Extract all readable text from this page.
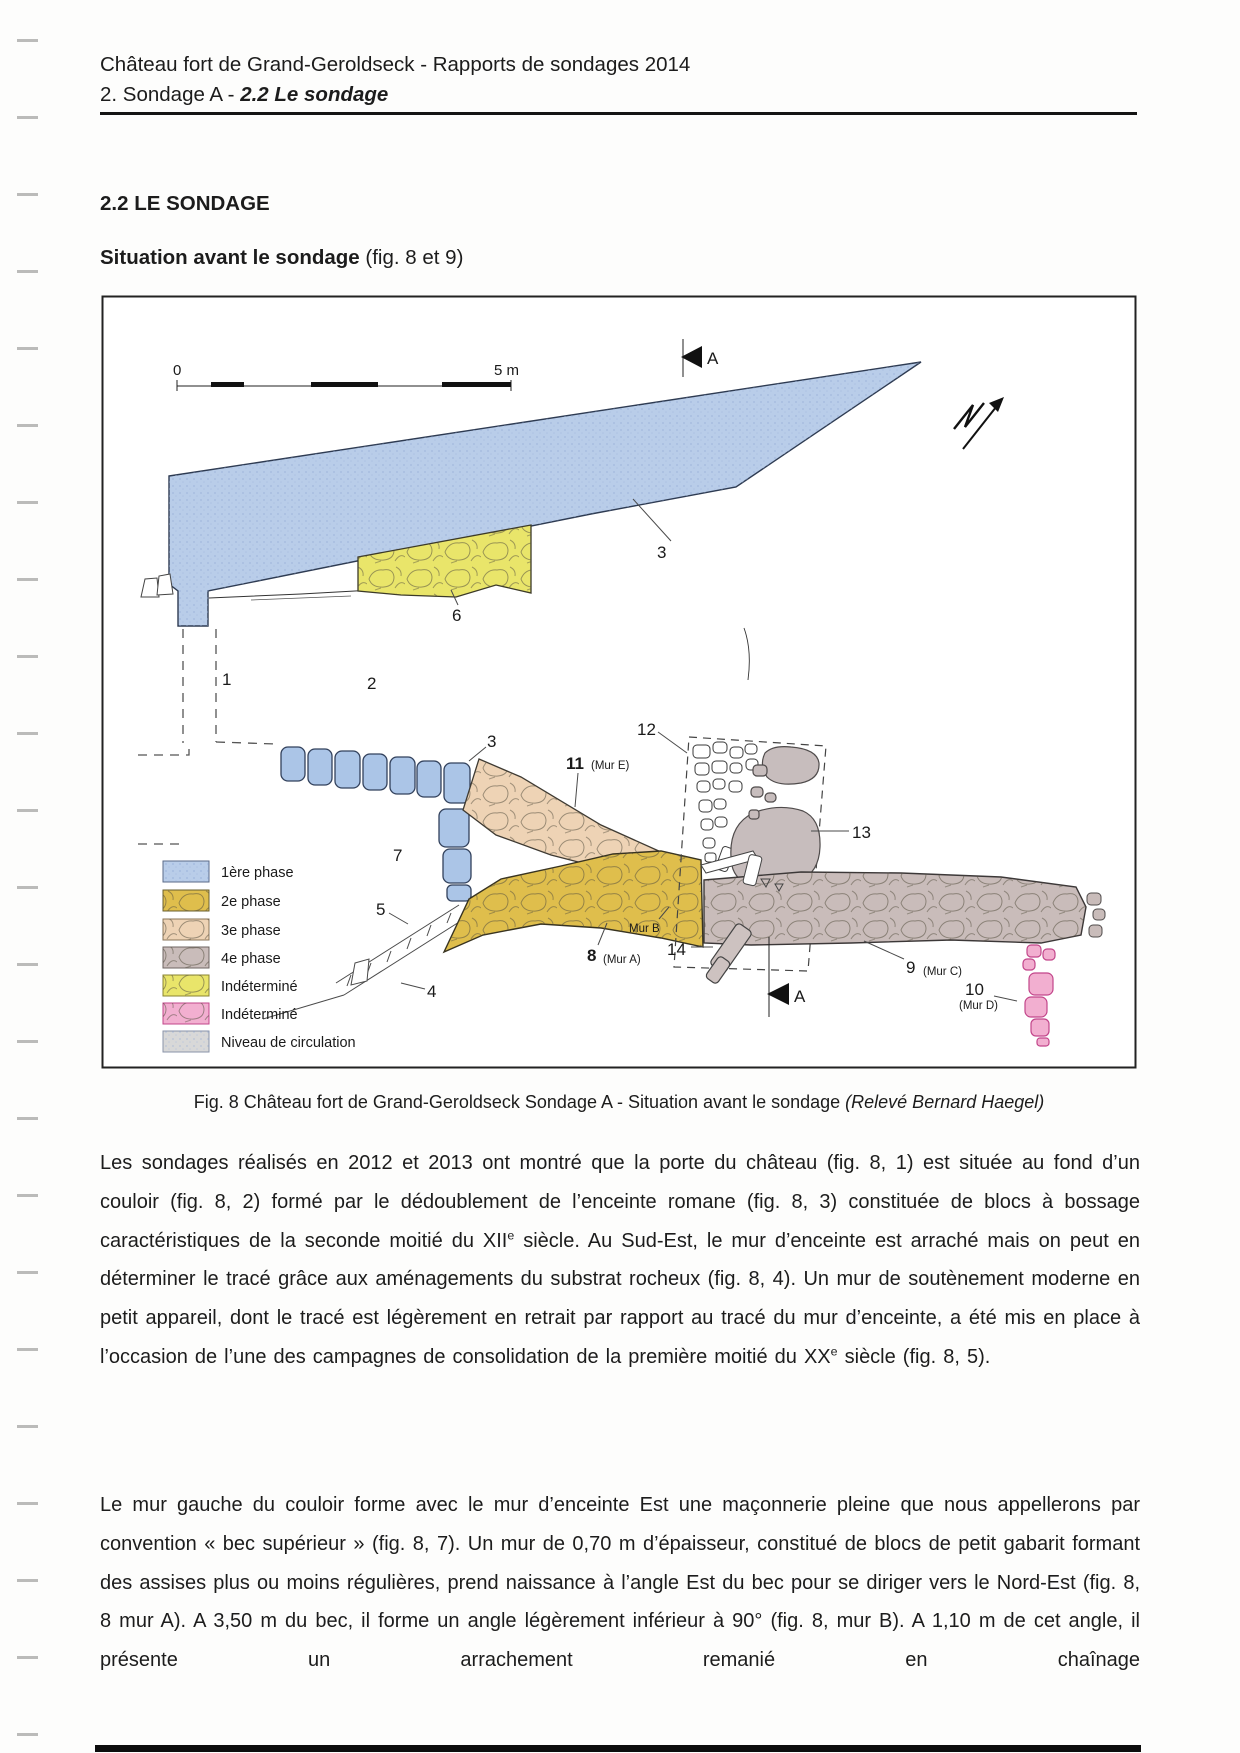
Château fort de Grand-Geroldseck - Rapports de sondages 2014
2. Sondage A - 2.2 Le sondage
2.2 LE SONDAGE
Situation avant le sondage (fig. 8 et 9)
0	5 m
6
1	2
3
3
7
5
4
11 (Mur E)
8 (Mur A)
Mur B
12
13
9 (Mur C)
14
10
(Mur D)
A
A
1ère phase
2e phase
3e phase
4e phase
Indéterminé
Indéterminé
Niveau de circulation
Fig. 8 Château fort de Grand-Geroldseck Sondage A - Situation avant le sondage (Relevé Bernard Haegel)

Les sondages réalisés en 2012 et 2013 ont montré que la porte du château (fig. 8, 1) est située au fond d’un couloir (fig. 8, 2) formé par le dédoublement de l’enceinte romane (fig. 8, 3) constituée de blocs à bossage caractéristiques de la seconde moitié du XIIe siècle. Au Sud-Est, le mur d’enceinte est arraché mais on peut en déterminer le tracé grâce aux aménagements du substrat rocheux (fig. 8, 4). Un mur de soutènement moderne en petit appareil, dont le tracé est légèrement en retrait par rapport au tracé du mur d’enceinte, a été mis en place à l’occasion de l’une des campagnes de consolidation de la première moitié du XXe siècle (fig. 8, 5).

Le mur gauche du couloir forme avec le mur d’enceinte Est une maçonnerie pleine que nous appellerons par convention « bec supérieur » (fig. 8, 7). Un mur de 0,70 m d’épaisseur, constitué de blocs de petit gabarit formant des assises plus ou moins régulières, prend naissance à l’angle Est du bec pour se diriger vers le Nord-Est (fig. 8, 8 mur A). A 3,50 m du bec, il forme un angle légèrement inférieur à 90° (fig. 8, mur B). A 1,10 m de cet angle, il présente un arrachement remanié en chaînage
